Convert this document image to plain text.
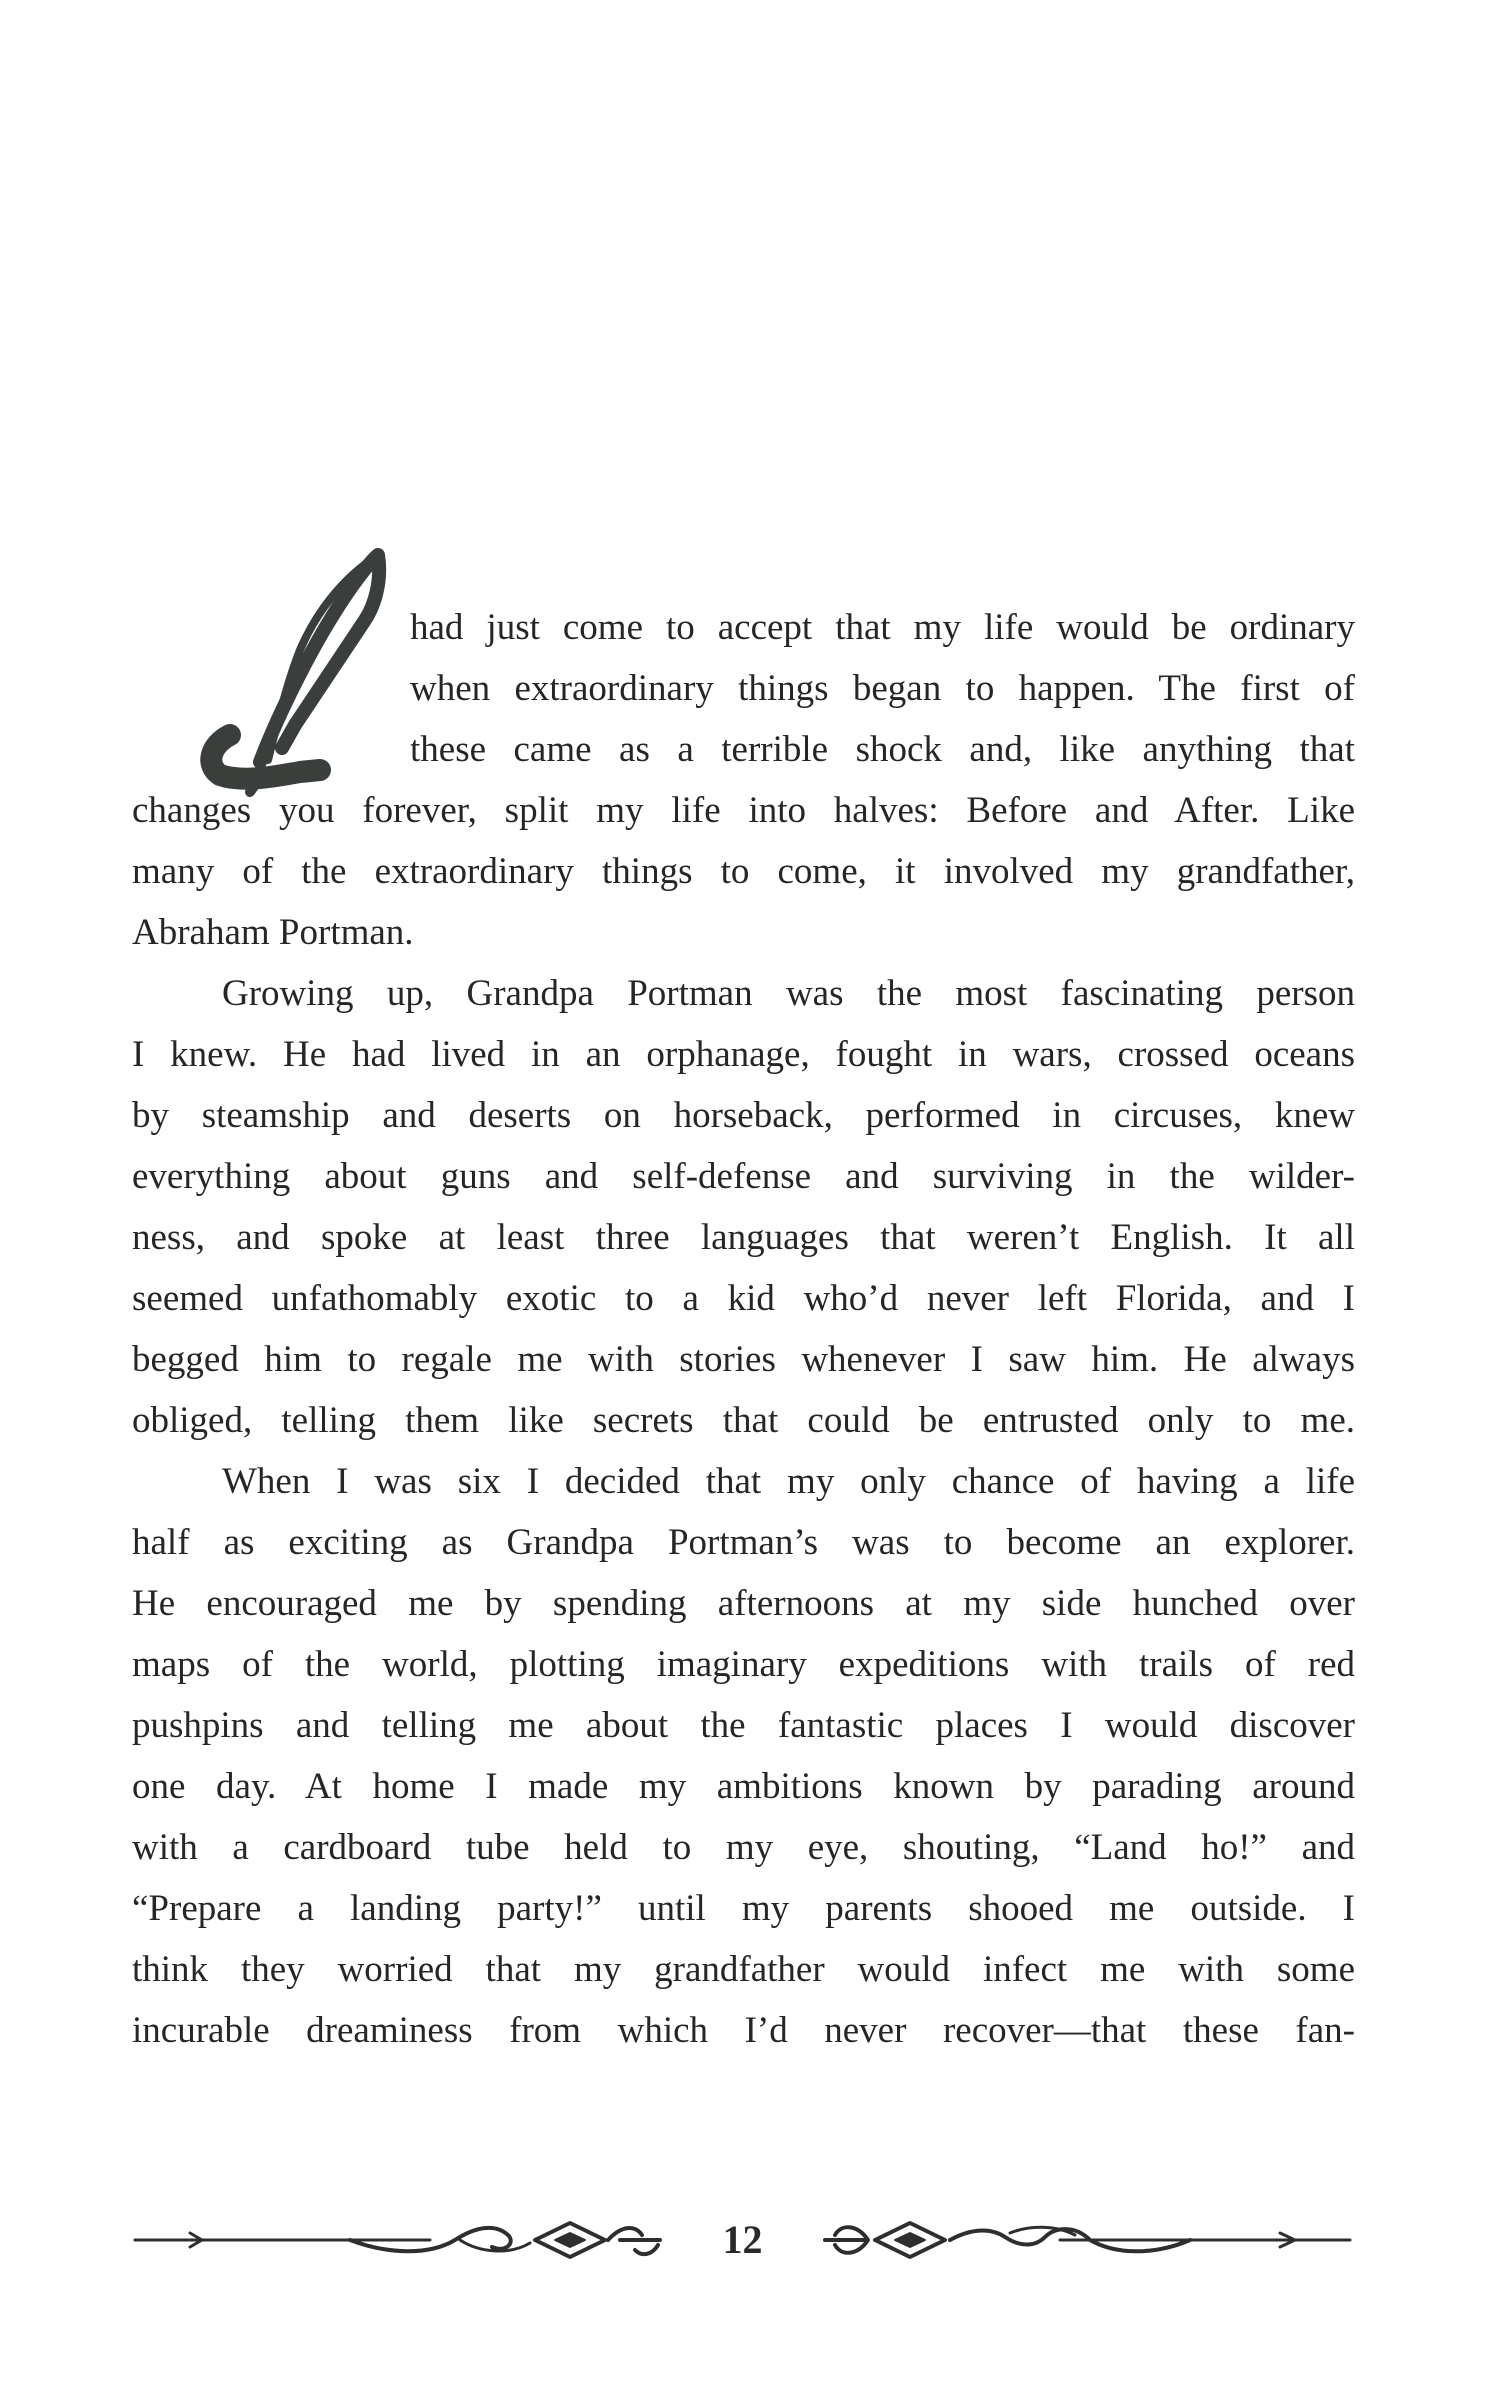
had just come to accept that my life would be ordinary

when extraordinary things began to happen. The first of

these came as a terrible shock and, like anything that

changes you forever, split my life into halves: Before and After. Like

many of the extraordinary things to come, it involved my grandfather,

Abraham Portman.

Growing up, Grandpa Portman was the most fascinating person

I knew. He had lived in an orphanage, fought in wars, crossed oceans

by steamship and deserts on horseback, performed in circuses, knew

everything about guns and self-defense and surviving in the wilder-

ness, and spoke at least three languages that weren’t English. It all

seemed unfathomably exotic to a kid who’d never left Florida, and I

begged him to regale me with stories whenever I saw him. He always

obliged, telling them like secrets that could be entrusted only to me.

When I was six I decided that my only chance of having a life

half as exciting as Grandpa Portman’s was to become an explorer.

He encouraged me by spending afternoons at my side hunched over

maps of the world, plotting imaginary expeditions with trails of red

pushpins and telling me about the fantastic places I would discover

one day. At home I made my ambitions known by parading around

with a cardboard tube held to my eye, shouting, “Land ho!” and

“Prepare a landing party!” until my parents shooed me outside. I

think they worried that my grandfather would infect me with some

incurable dreaminess from which I’d never recover—that these fan-

12
